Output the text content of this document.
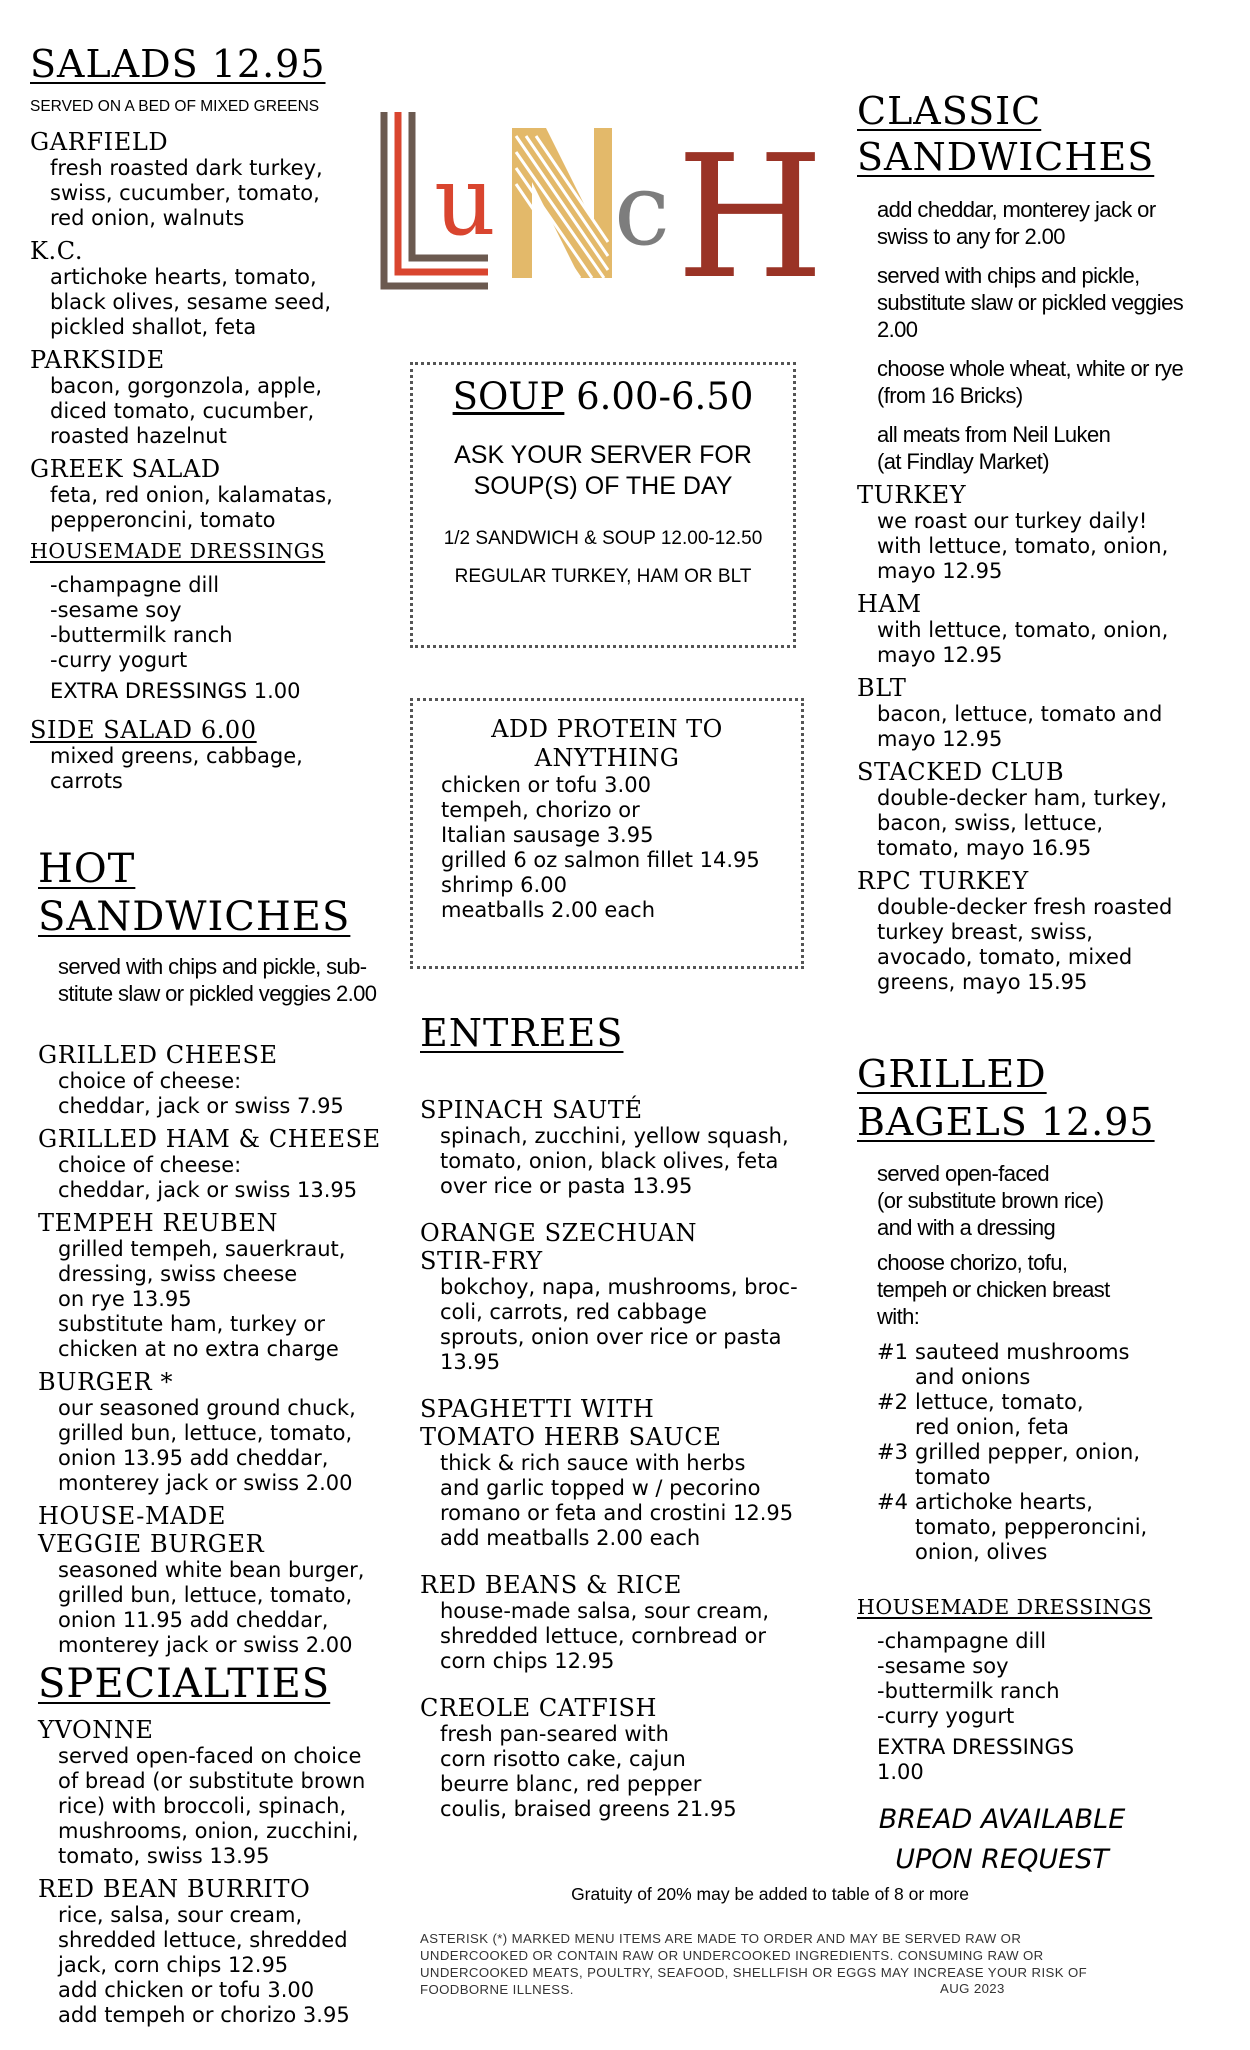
SALADS 12.95
SERVED ON A BED OF MIXED GREENS
GARFIELD
fresh roasted dark turkey,
swiss, cucumber, tomato,
red onion, walnuts
K.C.
artichoke hearts, tomato,
black olives, sesame seed,
pickled shallot, feta
PARKSIDE
bacon, gorgonzola, apple,
diced tomato, cucumber,
roasted hazelnut
GREEK SALAD
feta, red onion, kalamatas,
pepperoncini, tomato
HOUSEMADE DRESSINGS
-champagne dill
-sesame soy
-buttermilk ranch
-curry yogurt
EXTRA DRESSINGS 1.00
SIDE SALAD 6.00
mixed greens, cabbage,
carrots
HOT
SANDWICHES
served with chips and pickle, sub-
stitute slaw or pickled veggies 2.00
GRILLED CHEESE
choice of cheese:
cheddar, jack or swiss 7.95
GRILLED HAM & CHEESE
choice of cheese:
cheddar, jack or swiss 13.95
TEMPEH REUBEN
grilled tempeh, sauerkraut,
dressing, swiss cheese
on rye 13.95
substitute ham, turkey or
chicken at no extra charge
BURGER *
our seasoned ground chuck,
grilled bun, lettuce, tomato,
onion 13.95 add cheddar,
monterey jack or swiss 2.00
HOUSE-MADE
VEGGIE BURGER
seasoned white bean burger,
grilled bun, lettuce, tomato,
onion 11.95 add cheddar,
monterey jack or swiss 2.00
SPECIALTIES
YVONNE
served open-faced on choice
of bread (or substitute brown
rice) with broccoli, spinach,
mushrooms, onion, zucchini,
tomato, swiss 13.95
RED BEAN BURRITO
rice, salsa, sour cream,
shredded lettuce, shredded
jack, corn chips 12.95
add chicken or tofu 3.00
add tempeh or chorizo 3.95
u c H
SOUP 6.00-6.50
ASK YOUR SERVER FOR
SOUP(S) OF THE DAY
1/2 SANDWICH & SOUP 12.00-12.50
REGULAR TURKEY, HAM OR BLT
ADD PROTEIN TO
ANYTHING
chicken or tofu 3.00
tempeh, chorizo or
Italian sausage 3.95
grilled 6 oz salmon fillet 14.95
shrimp 6.00
meatballs 2.00 each
ENTREES
SPINACH SAUTÉ
spinach, zucchini, yellow squash,
tomato, onion, black olives, feta
over rice or pasta 13.95
ORANGE SZECHUAN
STIR-FRY
bokchoy, napa, mushrooms, broc-
coli, carrots, red cabbage
sprouts, onion over rice or pasta
13.95
SPAGHETTI WITH
TOMATO HERB SAUCE
thick & rich sauce with herbs
and garlic topped w / pecorino
romano or feta and crostini 12.95
add meatballs 2.00 each
RED BEANS & RICE
house-made salsa, sour cream,
shredded lettuce, cornbread or
corn chips 12.95
CREOLE CATFISH
fresh pan-seared with
corn risotto cake, cajun
beurre blanc, red pepper
coulis, braised greens 21.95
CLASSIC
SANDWICHES
add cheddar, monterey jack or
swiss to any for 2.00
served with chips and pickle,
substitute slaw or pickled veggies
2.00
choose whole wheat, white or rye
(from 16 Bricks)
all meats from Neil Luken
(at Findlay Market)
TURKEY
we roast our turkey daily!
with lettuce, tomato, onion,
mayo 12.95
HAM
with lettuce, tomato, onion,
mayo 12.95
BLT
bacon, lettuce, tomato and
mayo 12.95
STACKED CLUB
double-decker ham, turkey,
bacon, swiss, lettuce,
tomato, mayo 16.95
RPC TURKEY
double-decker fresh roasted
turkey breast, swiss,
avocado, tomato, mixed
greens, mayo 15.95
GRILLED
BAGELS 12.95
served open-faced
(or substitute brown rice)
and with a dressing
choose chorizo, tofu,
tempeh or chicken breast
with:
#1 sauteed mushrooms
and onions
#2 lettuce, tomato,
red onion, feta
#3 grilled pepper, onion,
tomato
#4 artichoke hearts,
tomato, pepperoncini,
onion, olives
HOUSEMADE DRESSINGS
-champagne dill
-sesame soy
-buttermilk ranch
-curry yogurt
EXTRA DRESSINGS
1.00
BREAD AVAILABLE
UPON REQUEST
Gratuity of 20% may be added to table of 8 or more
ASTERISK (*) MARKED MENU ITEMS ARE MADE TO ORDER AND MAY BE SERVED RAW OR UNDERCOOKED OR CONTAIN RAW OR UNDERCOOKED INGREDIENTS. CONSUMING RAW OR UNDERCOOKED MEATS, POULTRY, SEAFOOD, SHELLFISH OR EGGS MAY INCREASE YOUR RISK OF FOODBORNE ILLNESS.	AUG 2023
